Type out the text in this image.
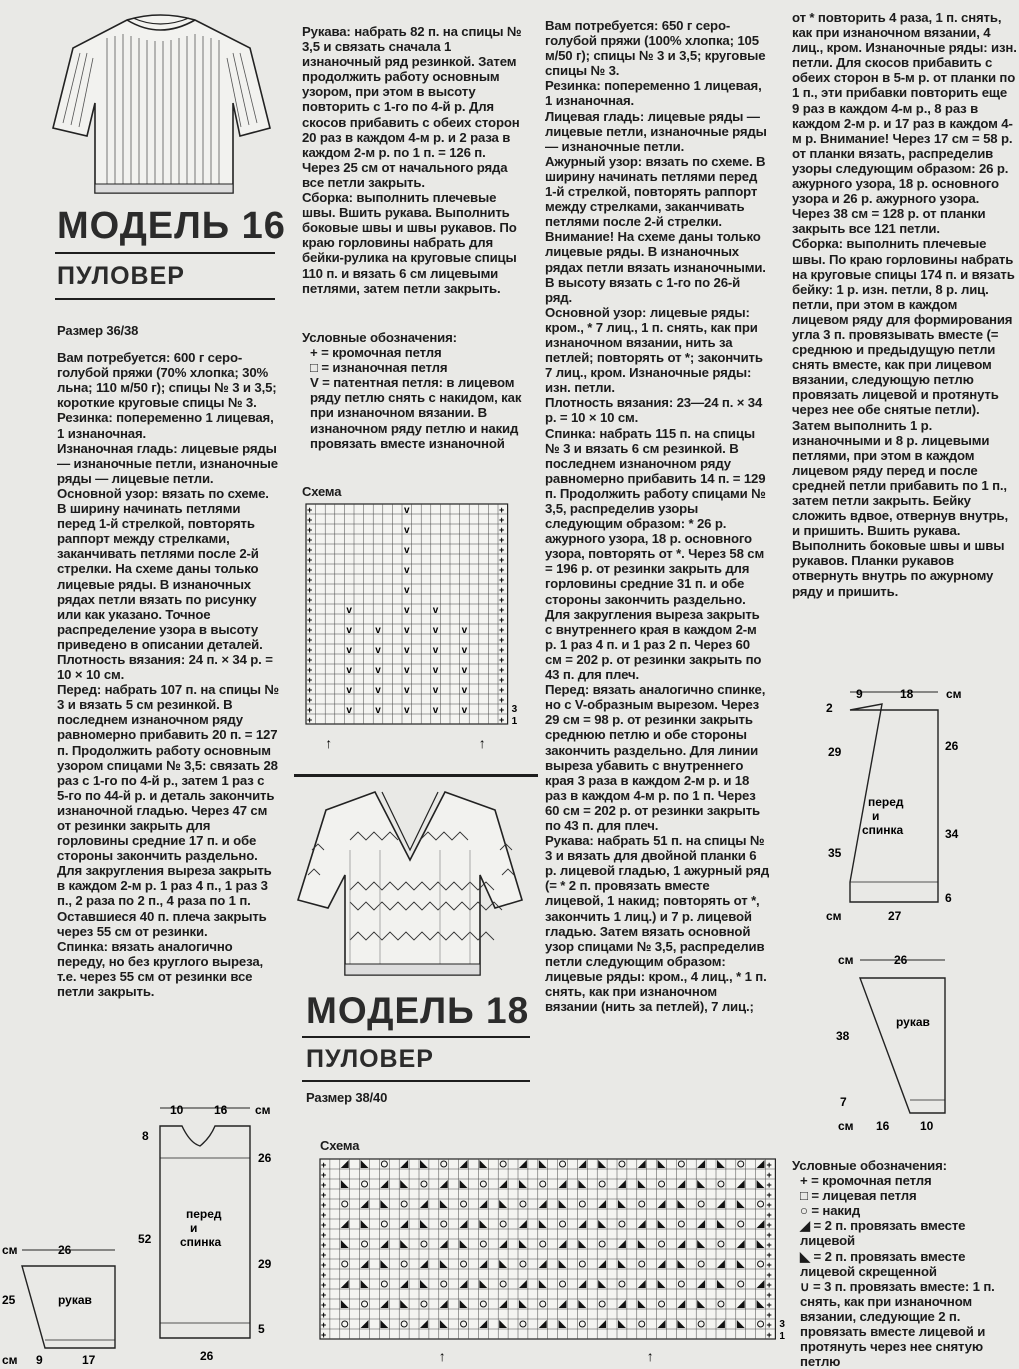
МОДЕЛЬ 16
ПУЛОВЕР

Размер 36/38

Вам потребуется: 600 г серо-голубой пряжи (70% хлопка; 30% льна; 110 м/50 г); спицы № 3 и 3,5; короткие круговые спицы № 3.

Резинка: попеременно 1 лицевая, 1 изнаночная.

Изнаночная гладь: лицевые ряды — изнаночные петли, изнаночные ряды — лицевые петли.

Основной узор: вязать по схеме. В ширину начинать петлями перед 1-й стрелкой, повторять раппорт между стрелками, заканчивать петлями после 2-й стрелки. На схеме даны только лицевые ряды. В изнаночных рядах петли вязать по рисунку или как указано. Точное распределение узора в высоту приведено в описании деталей.

Плотность вязания: 24 п. × 34 р. = 10 × 10 см.

Перед: набрать 107 п. на спицы № 3 и вязать 5 см резинкой. В последнем изнаночном ряду равномерно прибавить 20 п. = 127 п. Продолжить работу основным узором спицами № 3,5: связать 28 раз с 1-го по 4-й р., затем 1 раз с 5-го по 44-й р. и деталь закончить изнаночной гладью. Через 47 см от резинки закрыть для горловины средние 17 п. и обе стороны закончить раздельно. Для закругления выреза закрыть в каждом 2-м р. 1 раз 4 п., 1 раз 3 п., 2 раза по 2 п., 4 раза по 1 п. Оставшиеся 40 п. плеча закрыть через 55 см от резинки.

Спинка: вязать аналогично переду, но без круглого выреза, т.е. через 55 см от резинки все петли закрыть.

Рукава: набрать 82 п. на спицы № 3,5 и связать сначала 1 изнаночный ряд резинкой. Затем продолжить работу основным узором, при этом в высоту повторить с 1-го по 4-й р. Для скосов прибавить с обеих сторон 20 раз в каждом 4-м р. и 2 раза в каждом 2-м р. по 1 п. = 126 п. Через 25 см от начального ряда все петли закрыть.

Сборка: выполнить плечевые швы. Вшить рукава. Выполнить боковые швы и швы рукавов. По краю горловины набрать для бейки-рулика на круговые спицы 110 п. и вязать 6 см лицевыми петлями, затем петли закрыть.

Условные обозначения:

+ = кромочная петля

□ = изнаночная петля

V = патентная петля: в лицевом ряду петлю снять с накидом, как при изнаночном вязании. В изнаночном ряду петлю и накид провязать вместе изнаночной

Схема
v
v
v
v
v
v
v
v
v
v
v
v
v
v
v
v
v
v
v
v
v
v
v
v
v
v
v
v
v
v
v
v
v
+	+
+	+
+	+
+	+
+	+
+	+
+	+
+	+
+	+
+	+
+	+
+	+
+	+
+	+
+	+
+	+
+	+
+	+
+	+
+	+
+	+
+	+
3
1
↑	↑
10	16 см
8
52
26
29
5
перед
и
спинка
26
см	26
25	рукав
см 9	17
МОДЕЛЬ 18
ПУЛОВЕР
Размер 38/40
Схема
+	+
+	+
+	+
+	+
+	+
+	+
+	+
+	+
+	+
+	+
+	+
+	+
+	+
+	+
+	+
+	+
+	+
+	+
3
1
↑	↑

Вам потребуется: 650 г серо-голубой пряжи (100% хлопка; 105 м/50 г); спицы № 3 и 3,5; круговые спицы № 3.

Резинка: попеременно 1 лицевая, 1 изнаночная.

Лицевая гладь: лицевые ряды — лицевые петли, изнаночные ряды — изнаночные петли.

Ажурный узор: вязать по схеме. В ширину начинать петлями перед 1-й стрелкой, повторять раппорт между стрелками, заканчивать петлями после 2-й стрелки. Внимание! На схеме даны только лицевые ряды. В изнаночных рядах петли вязать изнаночными. В высоту вязать с 1-го по 26-й ряд.

Основной узор: лицевые ряды: кром., * 7 лиц., 1 п. снять, как при изнаночном вязании, нить за петлей; повторять от *; закончить 7 лиц., кром. Изнаночные ряды: изн. петли.

Плотность вязания: 23—24 п. × 34 р. = 10 × 10 см.

Спинка: набрать 115 п. на спицы № 3 и вязать 6 см резинкой. В последнем изнаночном ряду равномерно прибавить 14 п. = 129 п. Продолжить работу спицами № 3,5, распределив узоры следующим образом: * 26 р. ажурного узора, 18 р. основного узора, повторять от *. Через 58 см = 196 р. от резинки закрыть для горловины средние 31 п. и обе стороны закончить раздельно. Для закругления выреза закрыть с внутреннего края в каждом 2-м р. 1 раз 4 п. и 1 раз 2 п. Через 60 см = 202 р. от резинки закрыть по 43 п. для плеч.

Перед: вязать аналогично спинке, но с V-образным вырезом. Через 29 см = 98 р. от резинки закрыть среднюю петлю и обе стороны закончить раздельно. Для линии выреза убавить с внутреннего края 3 раза в каждом 2-м р. и 18 раз в каждом 4-м р. по 1 п. Через 60 см = 202 р. от резинки закрыть по 43 п. для плеч.

Рукава: набрать 51 п. на спицы № 3 и вязать для двойной планки 6 р. лицевой гладью, 1 ажурный ряд (= * 2 п. провязать вместе лицевой, 1 накид; повторять от *, закончить 1 лиц.) и 7 р. лицевой гладью. Затем вязать основной узор спицами № 3,5, распределив петли следующим образом: лицевые ряды: кром., 4 лиц., * 1 п. снять, как при изнаночном вязании (нить за петлей), 7 лиц.;

от * повторить 4 раза, 1 п. снять, как при изнаночном вязании, 4 лиц., кром. Изнаночные ряды: изн. петли. Для скосов прибавить с обеих сторон в 5-м р. от планки по 1 п., эти прибавки повторить еще 9 раз в каждом 4-м р., 8 раз в каждом 2-м р. и 17 раз в каждом 4-м р. Внимание! Через 17 см = 58 р. от планки вязать, распределив узоры следующим образом: 26 р. ажурного узора, 18 р. основного узора и 26 р. ажурного узора. Через 38 см = 128 р. от планки закрыть все 121 петли.

Сборка: выполнить плечевые швы. По краю горловины набрать на круговые спицы 174 п. и вязать бейку: 1 р. изн. петли, 8 р. лиц. петли, при этом в каждом лицевом ряду для формирования угла 3 п. провязывать вместе (= среднюю и предыдущую петли снять вместе, как при лицевом вязании, следующую петлю провязать лицевой и протянуть через нее обе снятые петли). Затем выполнить 1 р. изнаночными и 8 р. лицевыми петлями, при этом в каждом лицевом ряду перед и после средней петли прибавить по 1 п., затем петли закрыть. Бейку сложить вдвое, отвернув внутрь, и пришить. Вшить рукава. Выполнить боковые швы и швы рукавов. Планки рукавов отвернуть внутрь по ажурному ряду и пришить.

9	18	см
2
29
35
26
34
6
перед
и
спинка
см	27
см	26
38
рукав
7
см 16	10

Условные обозначения:

+ = кромочная петля

□ = лицевая петля

○ = накид

◢ = 2 п. провязать вместе лицевой

◣ = 2 п. провязать вместе лицевой скрещенной

∪ = 3 п. провязать вместе: 1 п. снять, как при изнаночном вязании, следующие 2 п. провязать вместе лицевой и протянуть через нее снятую петлю
